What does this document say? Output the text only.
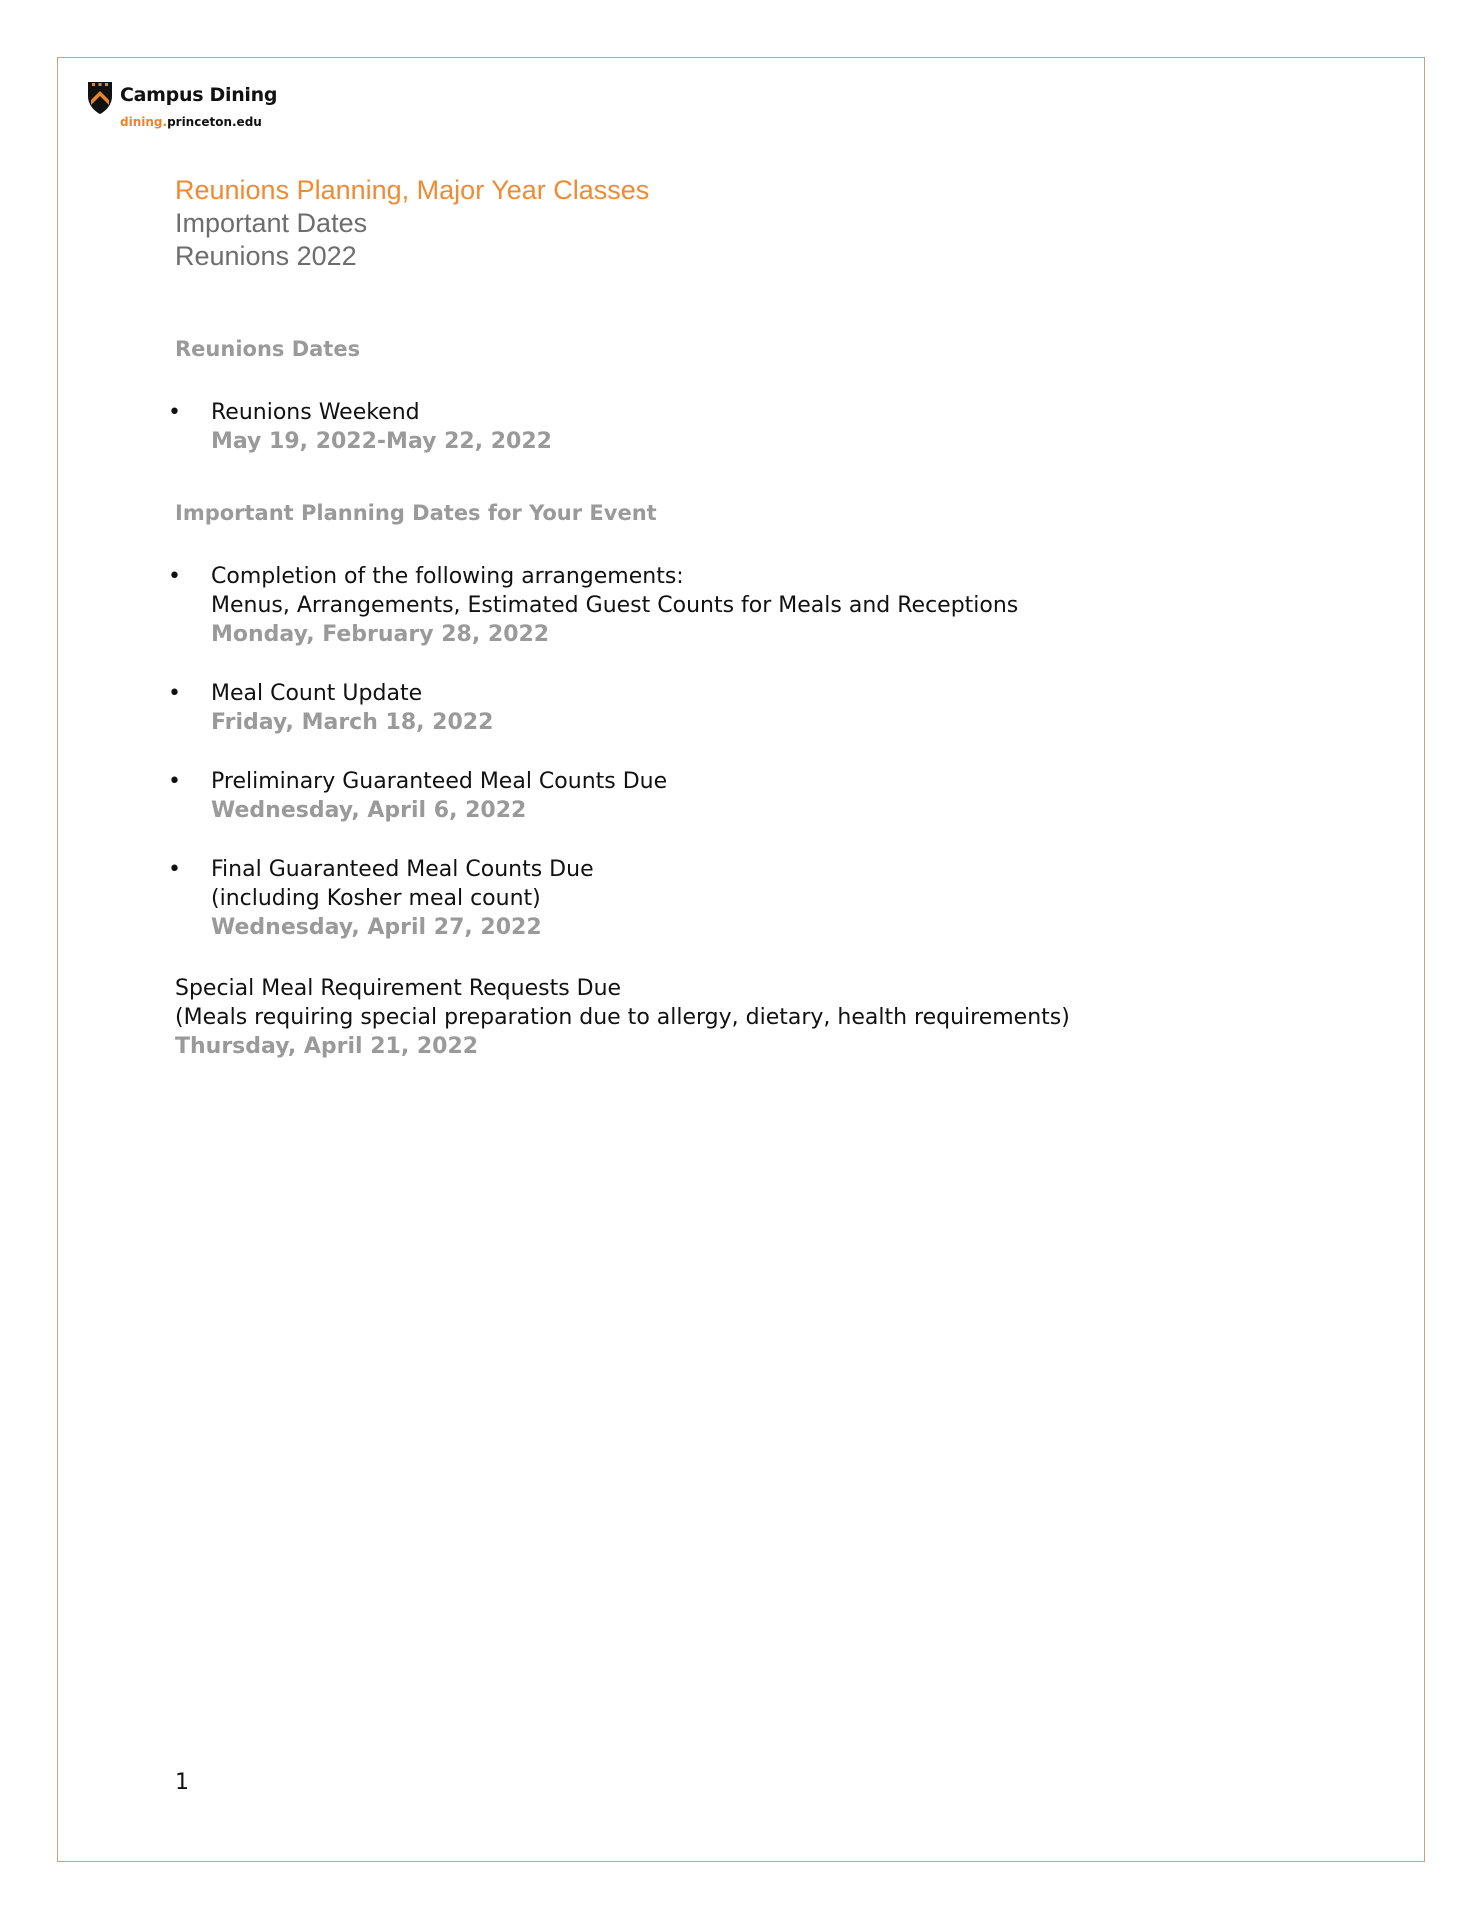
Campus Dining
dining.princeton.edu
Reunions Planning, Major Year Classes
Important Dates
Reunions 2022
Reunions Dates
• Reunions Weekend
May 19, 2022-May 22, 2022
Important Planning Dates for Your Event
• Completion of the following arrangements:
Menus, Arrangements, Estimated Guest Counts for Meals and Receptions
Monday, February 28, 2022
• Meal Count Update
Friday, March 18, 2022
• Preliminary Guaranteed Meal Counts Due
Wednesday, April 6, 2022
• Final Guaranteed Meal Counts Due
(including Kosher meal count)
Wednesday, April 27, 2022
Special Meal Requirement Requests Due
(Meals requiring special preparation due to allergy, dietary, health requirements)
Thursday, April 21, 2022
1
